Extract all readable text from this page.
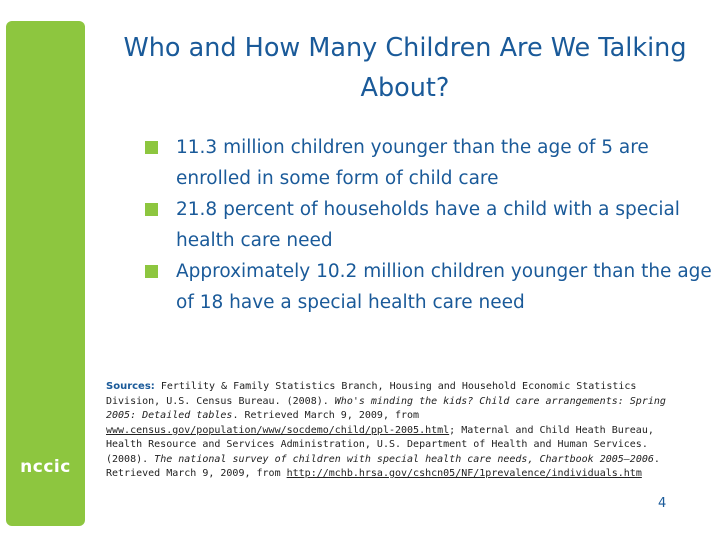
nccic
Who and How Many Children Are We Talking About?
11.3 million children younger than the age of 5 are enrolled in some form of child care
21.8 percent of households have a child with a special health care need
Approximately 10.2 million children younger than the age of 18 have a special health care need

Sources: Fertility & Family Statistics Branch, Housing and Household Economic Statistics Division, U.S. Census Bureau. (2008). Who's minding the kids? Child care arrangements: Spring 2005: Detailed tables. Retrieved March 9, 2009, from www.census.gov/population/www/socdemo/child/ppl-2005.html; Maternal and Child Heath Bureau, Health Resource and Services Administration, U.S. Department of Health and Human Services. (2008). The national survey of children with special health care needs, Chartbook 2005–2006. Retrieved March 9, 2009, from http://mchb.hrsa.gov/cshcn05/NF/1prevalence/individuals.htm

4
